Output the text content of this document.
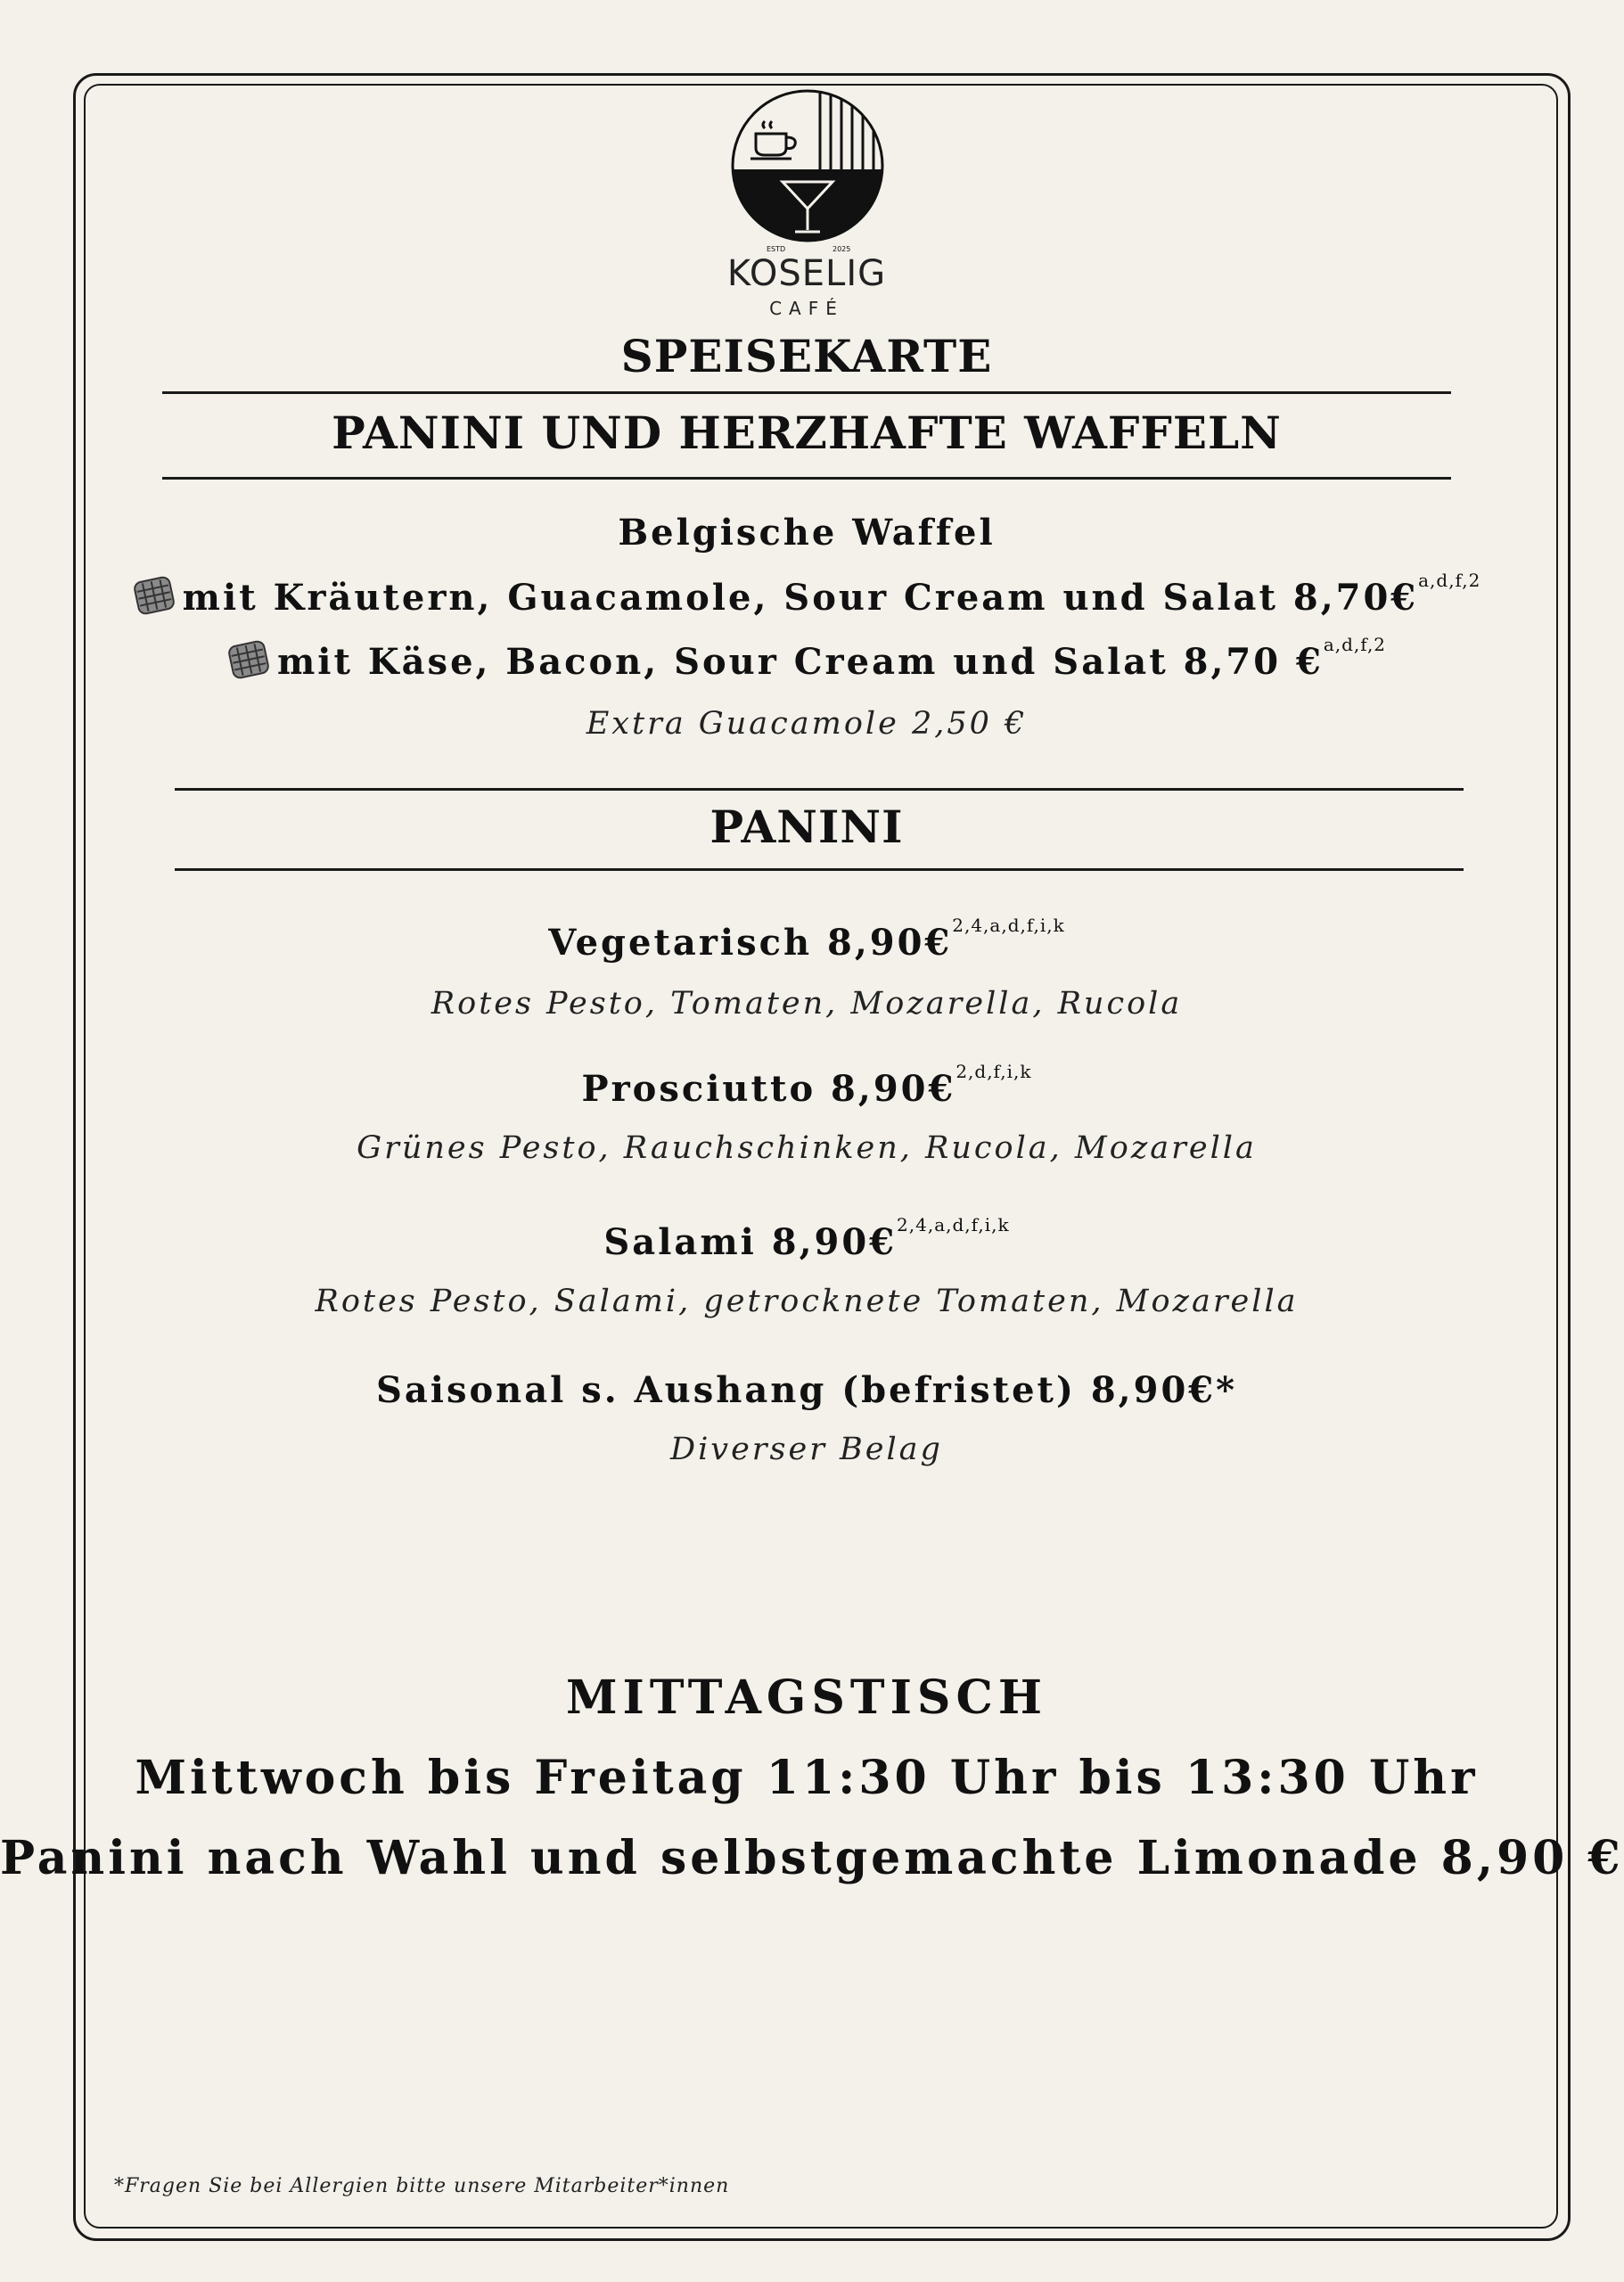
ESTD	2025
KOSELIG
CAFÉ
SPEISEKARTE
PANINI UND HERZHAFTE WAFFELN
Belgische Waffel
mit Kräutern, Guacamole, Sour Cream und Salat 8,70€$^{a,d,f,2}$
mit Käse, Bacon, Sour Cream und Salat 8,70 €$^{a,d,f,2}$
Extra Guacamole 2,50 €
PANINI
Vegetarisch 8,90€$^{2,4,a,d,f,i,k}$
Rotes Pesto, Tomaten, Mozarella, Rucola
Prosciutto 8,90€$^{2,d,f,i,k}$
Grünes Pesto, Rauchschinken, Rucola, Mozarella
Salami 8,90€$^{2,4,a,d,f,i,k}$
Rotes Pesto, Salami, getrocknete Tomaten, Mozarella
Saisonal s. Aushang (befristet) 8,90€*
Diverser Belag
MITTAGSTISCH
Mittwoch bis Freitag 11:30 Uhr bis 13:30 Uhr
Panini nach Wahl und selbstgemachte Limonade 8,90 €
*Fragen Sie bei Allergien bitte unsere Mitarbeiter*innen
